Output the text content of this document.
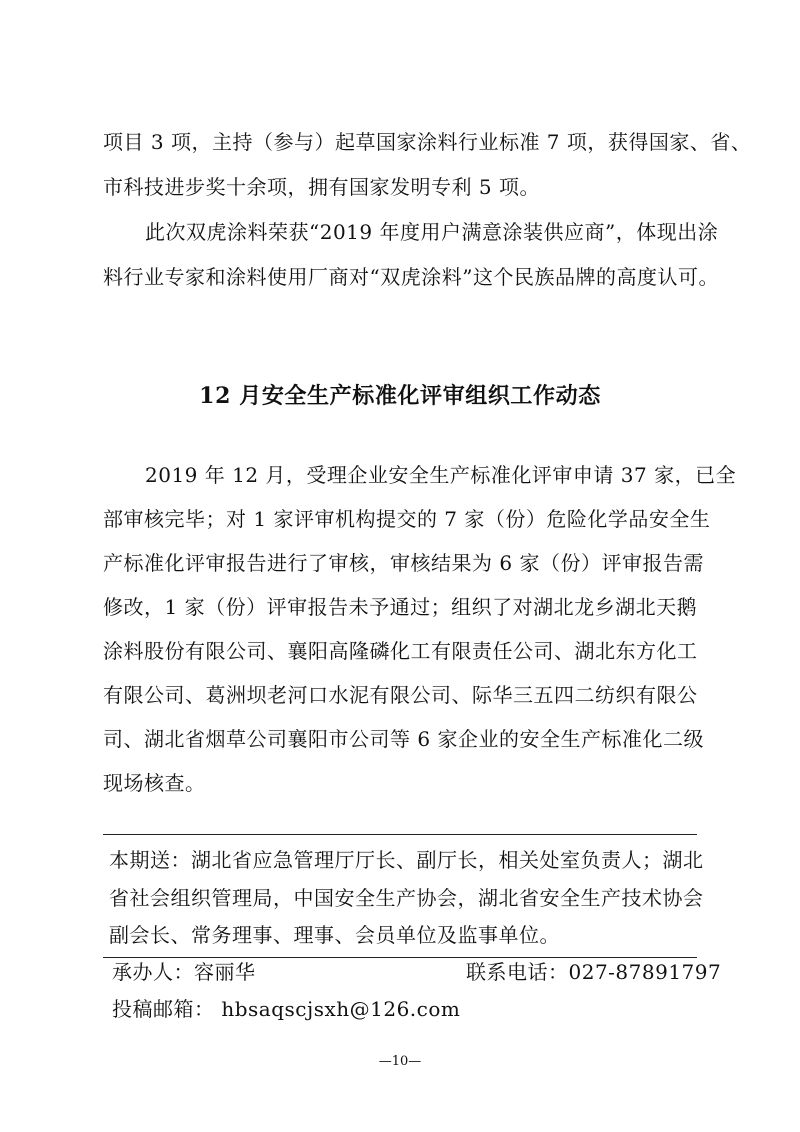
项目 3 项，主持（参与）起草国家涂料行业标准 7 项，获得国家、省、
市科技进步奖十余项，拥有国家发明专利 5 项。
此次双虎涂料荣获“2019 年度用户满意涂装供应商”，体现出涂
料行业专家和涂料使用厂商对“双虎涂料”这个民族品牌的高度认可。
12 月安全生产标准化评审组织工作动态
2019 年 12 月，受理企业安全生产标准化评审申请 37 家，已全
部审核完毕；对 1 家评审机构提交的 7 家（份）危险化学品安全生
产标准化评审报告进行了审核，审核结果为 6 家（份）评审报告需
修改，1 家（份）评审报告未予通过；组织了对湖北龙乡湖北天鹅
涂料股份有限公司、襄阳高隆磷化工有限责任公司、湖北东方化工
有限公司、葛洲坝老河口水泥有限公司、际华三五四二纺织有限公
司、湖北省烟草公司襄阳市公司等 6 家企业的安全生产标准化二级
现场核查。
本期送：湖北省应急管理厅厅长、副厅长，相关处室负责人；湖北
省社会组织管理局，中国安全生产协会，湖北省安全生产技术协会
副会长、常务理事、理事、会员单位及监事单位。
承办人：容丽华	联系电话：027-87891797
投稿邮箱： hbsaqscjsxh@126.com
—10—
